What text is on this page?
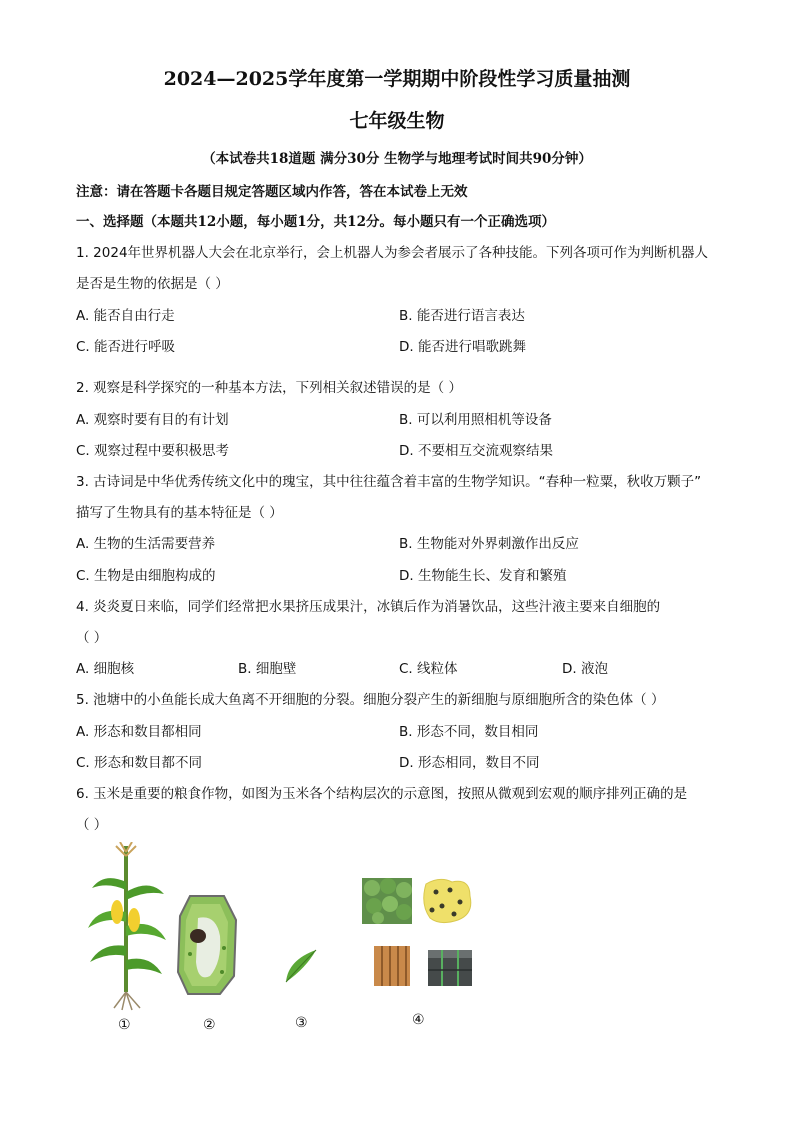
2024—2025学年度第一学期期中阶段性学习质量抽测
七年级生物
（本试卷共18道题 满分30分 生物学与地理考试时间共90分钟）
注意：请在答题卡各题目规定答题区域内作答，答在本试卷上无效
一、选择题（本题共12小题，每小题1分，共12分。每小题只有一个正确选项）
1. 2024年世界机器人大会在北京举行，会上机器人为参会者展示了各种技能。下列各项可作为判断机器人
是否是生物的依据是（ ）
A. 能否自由行走	B. 能否进行语言表达
C. 能否进行呼吸	D. 能否进行唱歌跳舞
2. 观察是科学探究的一种基本方法，下列相关叙述错误的是（ ）
A. 观察时要有目的有计划	B. 可以利用照相机等设备
C. 观察过程中要积极思考	D. 不要相互交流观察结果
3. 古诗词是中华优秀传统文化中的瑰宝，其中往往蕴含着丰富的生物学知识。“春种一粒粟，秋收万颗子”
描写了生物具有的基本特征是（ ）
A. 生物的生活需要营养	B. 生物能对外界刺激作出反应
C. 生物是由细胞构成的	D. 生物能生长、发育和繁殖
4. 炎炎夏日来临，同学们经常把水果挤压成果汁，冰镇后作为消暑饮品，这些汁液主要来自细胞的
（ ）
A. 细胞核	B. 细胞壁	C. 线粒体	D. 液泡
5. 池塘中的小鱼能长成大鱼离不开细胞的分裂。细胞分裂产生的新细胞与原细胞所含的染色体（ ）
A. 形态和数目都相同	B. 形态不同，数目相同
C. 形态和数目都不同	D. 形态相同，数目不同
6. 玉米是重要的粮食作物，如图为玉米各个结构层次的示意图，按照从微观到宏观的顺序排列正确的是
（ ）
①	②	③	④
